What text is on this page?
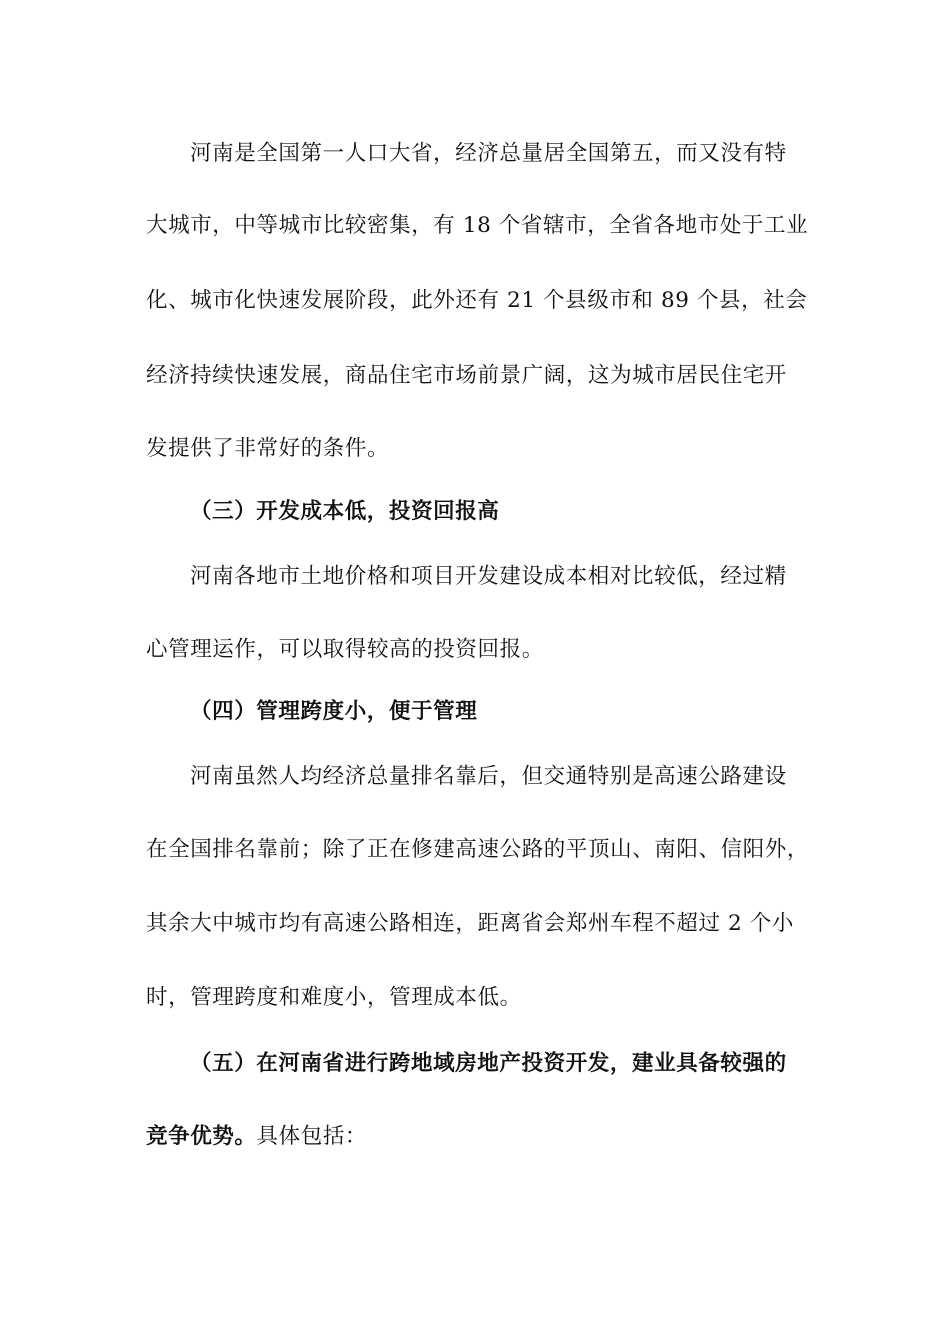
河南是全国第一人口大省，经济总量居全国第五，而又没有特
大城市，中等城市比较密集，有 18 个省辖市，全省各地市处于工业
化、城市化快速发展阶段，此外还有 21 个县级市和 89 个县，社会
经济持续快速发展，商品住宅市场前景广阔，这为城市居民住宅开
发提供了非常好的条件。
（三）开发成本低，投资回报高
河南各地市土地价格和项目开发建设成本相对比较低，经过精
心管理运作，可以取得较高的投资回报。
（四）管理跨度小，便于管理
河南虽然人均经济总量排名靠后，但交通特别是高速公路建设
在全国排名靠前；除了正在修建高速公路的平顶山、南阳、信阳外，
其余大中城市均有高速公路相连，距离省会郑州车程不超过 2 个小
时，管理跨度和难度小，管理成本低。
（五）在河南省进行跨地域房地产投资开发，建业具备较强的
竞争优势。具体包括：
